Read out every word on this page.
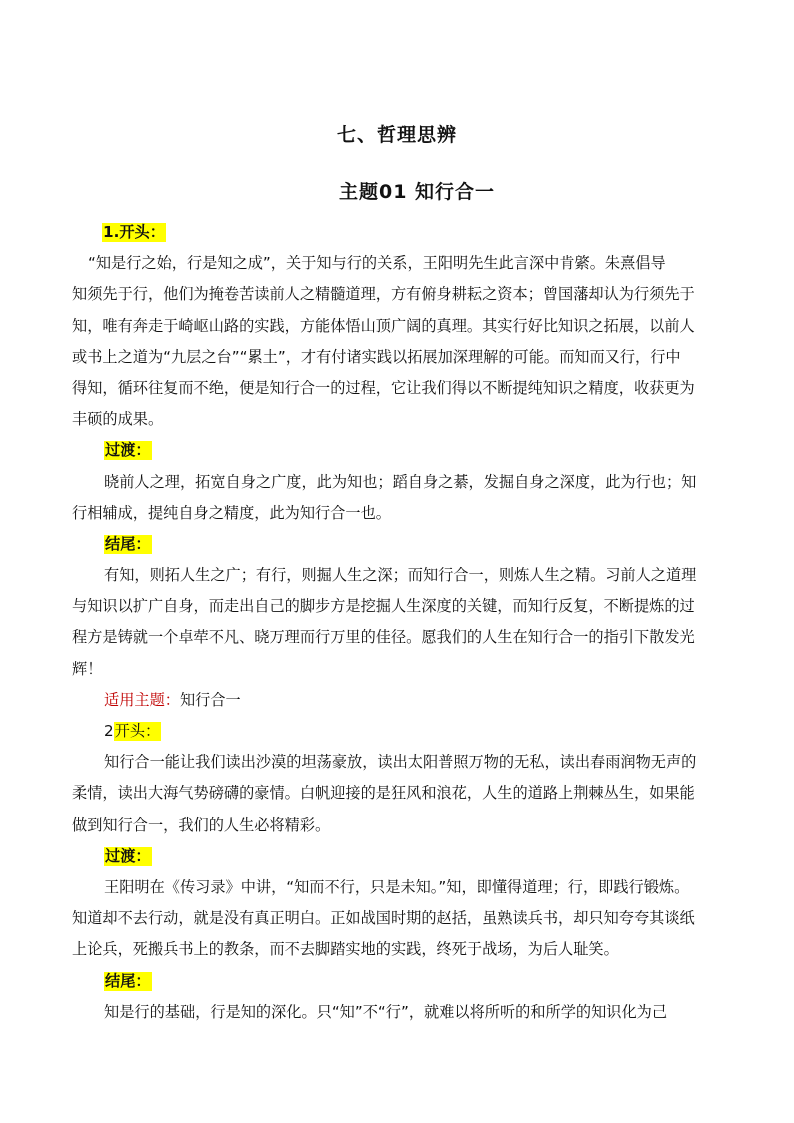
七、哲理思辨
主题01 知行合一
1.开头：
“知是行之始，行是知之成”，关于知与行的关系，王阳明先生此言深中肯綮。朱熹倡导
知须先于行，他们为掩卷苦读前人之精髓道理，方有俯身耕耘之资本；曾国藩却认为行须先于
知，唯有奔走于崎岖山路的实践，方能体悟山顶广阔的真理。其实行好比知识之拓展，以前人
或书上之道为“九层之台”“累土”，才有付诸实践以拓展加深理解的可能。而知而又行，行中
得知，循环往复而不绝，便是知行合一的过程，它让我们得以不断提纯知识之精度，收获更为
丰硕的成果。
过渡：
晓前人之理，拓宽自身之广度，此为知也；蹈自身之綦，发掘自身之深度，此为行也；知
行相辅成，提纯自身之精度，此为知行合一也。
结尾：
有知，则拓人生之广；有行，则掘人生之深；而知行合一，则炼人生之精。习前人之道理
与知识以扩广自身，而走出自己的脚步方是挖掘人生深度的关键，而知行反复，不断提炼的过
程方是铸就一个卓荦不凡、晓万理而行万里的佳径。愿我们的人生在知行合一的指引下散发光
辉！
适用主题：知行合一
2开头：
知行合一能让我们读出沙漠的坦荡豪放，读出太阳普照万物的无私，读出春雨润物无声的
柔情，读出大海气势磅礴的豪情。白帆迎接的是狂风和浪花，人生的道路上荆棘丛生，如果能
做到知行合一，我们的人生必将精彩。
过渡：
王阳明在《传习录》中讲，“知而不行，只是未知。”知，即懂得道理；行，即践行锻炼。
知道却不去行动，就是没有真正明白。正如战国时期的赵括，虽熟读兵书，却只知夸夸其谈纸
上论兵，死搬兵书上的教条，而不去脚踏实地的实践，终死于战场，为后人耻笑。
结尾：
知是行的基础，行是知的深化。只“知”不“行”，就难以将所听的和所学的知识化为己
